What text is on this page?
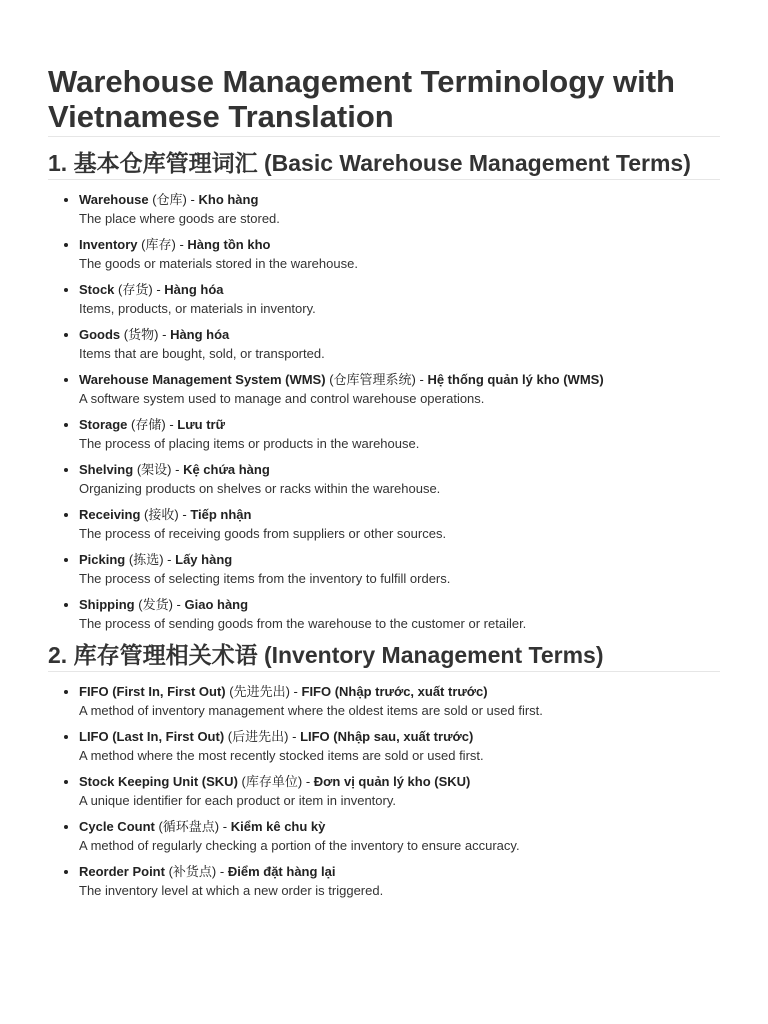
Warehouse Management Terminology with Vietnamese Translation
1. 基本仓库管理词汇 (Basic Warehouse Management Terms)
• Warehouse (仓库) - Kho hàng
The place where goods are stored.
• Inventory (库存) - Hàng tồn kho
The goods or materials stored in the warehouse.
• Stock (存货) - Hàng hóa
Items, products, or materials in inventory.
• Goods (货物) - Hàng hóa
Items that are bought, sold, or transported.
• Warehouse Management System (WMS) (仓库管理系统) - Hệ thống quản lý kho (WMS)
A software system used to manage and control warehouse operations.
• Storage (存储) - Lưu trữ
The process of placing items or products in the warehouse.
• Shelving (架设) - Kệ chứa hàng
Organizing products on shelves or racks within the warehouse.
• Receiving (接收) - Tiếp nhận
The process of receiving goods from suppliers or other sources.
• Picking (拣选) - Lấy hàng
The process of selecting items from the inventory to fulfill orders.
• Shipping (发货) - Giao hàng
The process of sending goods from the warehouse to the customer or retailer.
2. 库存管理相关术语 (Inventory Management Terms)
• FIFO (First In, First Out) (先进先出) - FIFO (Nhập trước, xuất trước)
A method of inventory management where the oldest items are sold or used first.
• LIFO (Last In, First Out) (后进先出) - LIFO (Nhập sau, xuất trước)
A method where the most recently stocked items are sold or used first.
• Stock Keeping Unit (SKU) (库存单位) - Đơn vị quản lý kho (SKU)
A unique identifier for each product or item in inventory.
• Cycle Count (循环盘点) - Kiểm kê chu kỳ
A method of regularly checking a portion of the inventory to ensure accuracy.
• Reorder Point (补货点) - Điểm đặt hàng lại
The inventory level at which a new order is triggered.
